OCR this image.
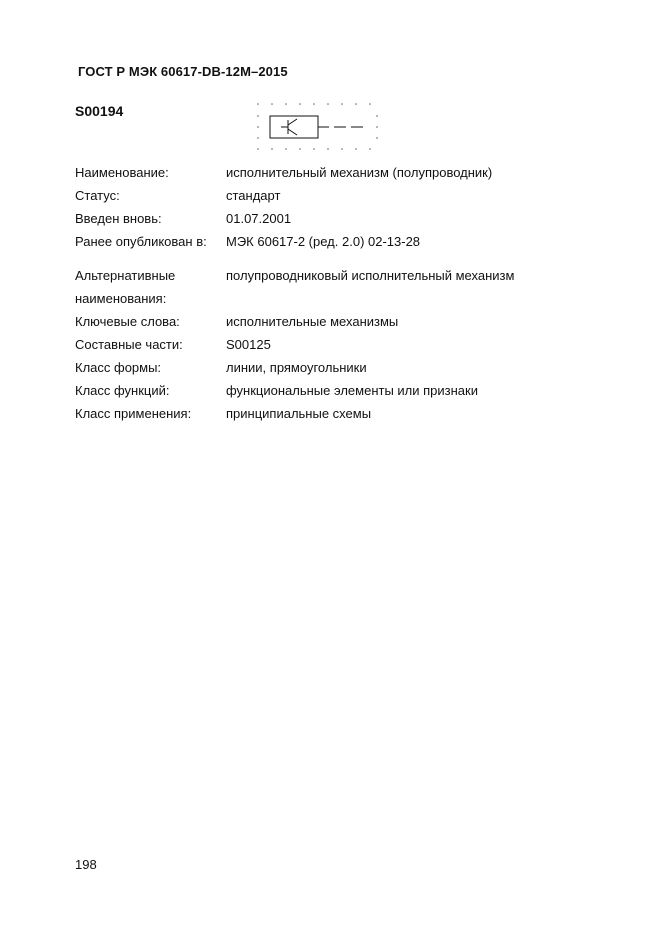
ГОСТ Р МЭК 60617-DB-12M–2015
S00194
Наименование:	исполнительный механизм (полупроводник)
Статус:	стандарт
Введен вновь:	01.07.2001
Ранее опубликован в:	МЭК 60617-2 (ред. 2.0) 02-13-28
Альтернативные	полупроводниковый исполнительный механизм
наименования:
Ключевые слова:	исполнительные механизмы
Составные части:	S00125
Класс формы:	линии, прямоугольники
Класс функций:	функциональные элементы или признаки
Класс применения:	принципиальные схемы
198
